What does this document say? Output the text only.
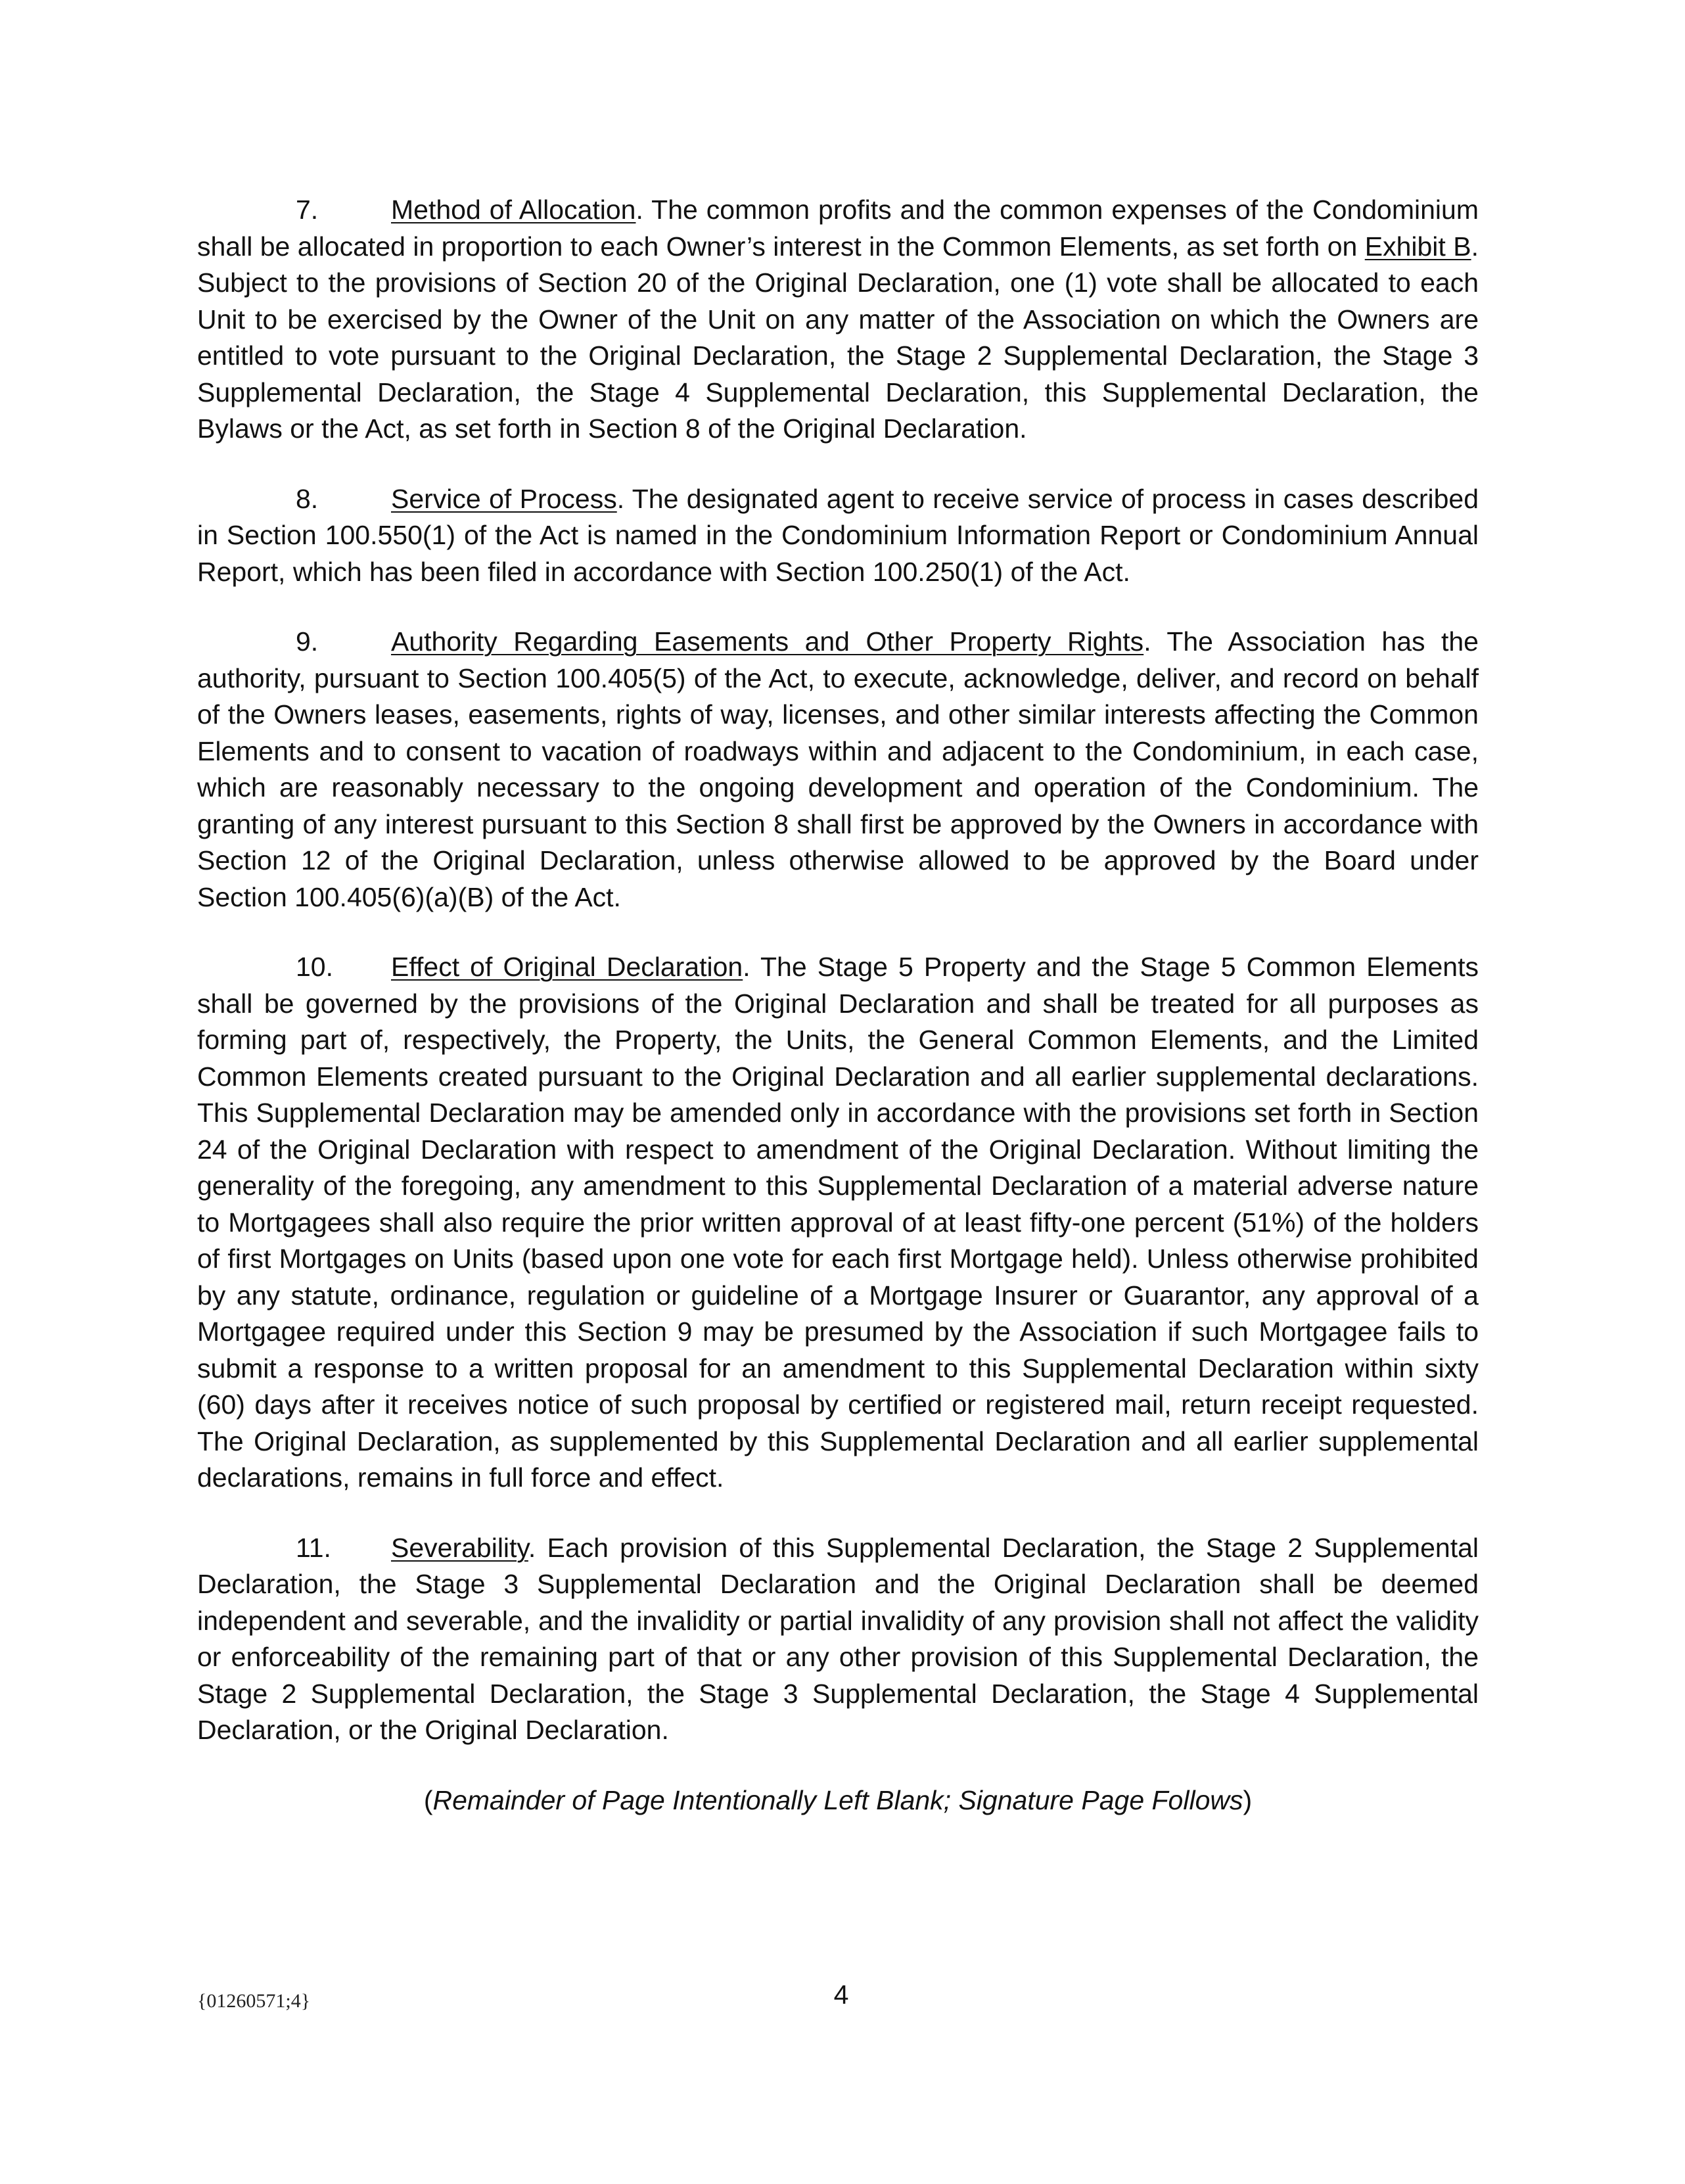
7.	Method of Allocation. The common profits and the common expenses of the Condominium shall be allocated in proportion to each Owner’s interest in the Common Elements, as set forth on Exhibit B. Subject to the provisions of Section 20 of the Original Declaration, one (1) vote shall be allocated to each Unit to be exercised by the Owner of the Unit on any matter of the Association on which the Owners are entitled to vote pursuant to the Original Declaration, the Stage 2 Supplemental Declaration, the Stage 3 Supplemental Declaration, the Stage 4 Supplemental Declaration, this Supplemental Declaration, the Bylaws or the Act, as set forth in Section 8 of the Original Declaration.

8.	Service of Process. The designated agent to receive service of process in cases described in Section 100.550(1) of the Act is named in the Condominium Information Report or Condominium Annual Report, which has been filed in accordance with Section 100.250(1) of the Act.

9.	Authority Regarding Easements and Other Property Rights. The Association has the authority, pursuant to Section 100.405(5) of the Act, to execute, acknowledge, deliver, and record on behalf of the Owners leases, easements, rights of way, licenses, and other similar interests affecting the Common Elements and to consent to vacation of roadways within and adjacent to the Condominium, in each case, which are reasonably necessary to the ongoing development and operation of the Condominium. The granting of any interest pursuant to this Section 8 shall first be approved by the Owners in accordance with Section 12 of the Original Declaration, unless otherwise allowed to be approved by the Board under Section 100.405(6)(a)(B) of the Act.

10. Effect of Original Declaration. The Stage 5 Property and the Stage 5 Common Elements shall be governed by the provisions of the Original Declaration and shall be treated for all purposes as forming part of, respectively, the Property, the Units, the General Common Elements, and the Limited Common Elements created pursuant to the Original Declaration and all earlier supplemental declarations. This Supplemental Declaration may be amended only in accordance with the provisions set forth in Section 24 of the Original Declaration with respect to amendment of the Original Declaration. Without limiting the generality of the foregoing, any amendment to this Supplemental Declaration of a material adverse nature to Mortgagees shall also require the prior written approval of at least fifty-one percent (51%) of the holders of first Mortgages on Units (based upon one vote for each first Mortgage held). Unless otherwise prohibited by any statute, ordinance, regulation or guideline of a Mortgage Insurer or Guarantor, any approval of a Mortgagee required under this Section 9 may be presumed by the Association if such Mortgagee fails to submit a response to a written proposal for an amendment to this Supplemental Declaration within sixty (60) days after it receives notice of such proposal by certified or registered mail, return receipt requested. The Original Declaration, as supplemented by this Supplemental Declaration and all earlier supplemental declarations, remains in full force and effect.

11. Severability. Each provision of this Supplemental Declaration, the Stage 2 Supplemental Declaration, the Stage 3 Supplemental Declaration and the Original Declaration shall be deemed independent and severable, and the invalidity or partial invalidity of any provision shall not affect the validity or enforceability of the remaining part of that or any other provision of this Supplemental Declaration, the Stage 2 Supplemental Declaration, the Stage 3 Supplemental Declaration, the Stage 4 Supplemental Declaration, or the Original Declaration.

(Remainder of Page Intentionally Left Blank; Signature Page Follows)
{01260571;4}	4
